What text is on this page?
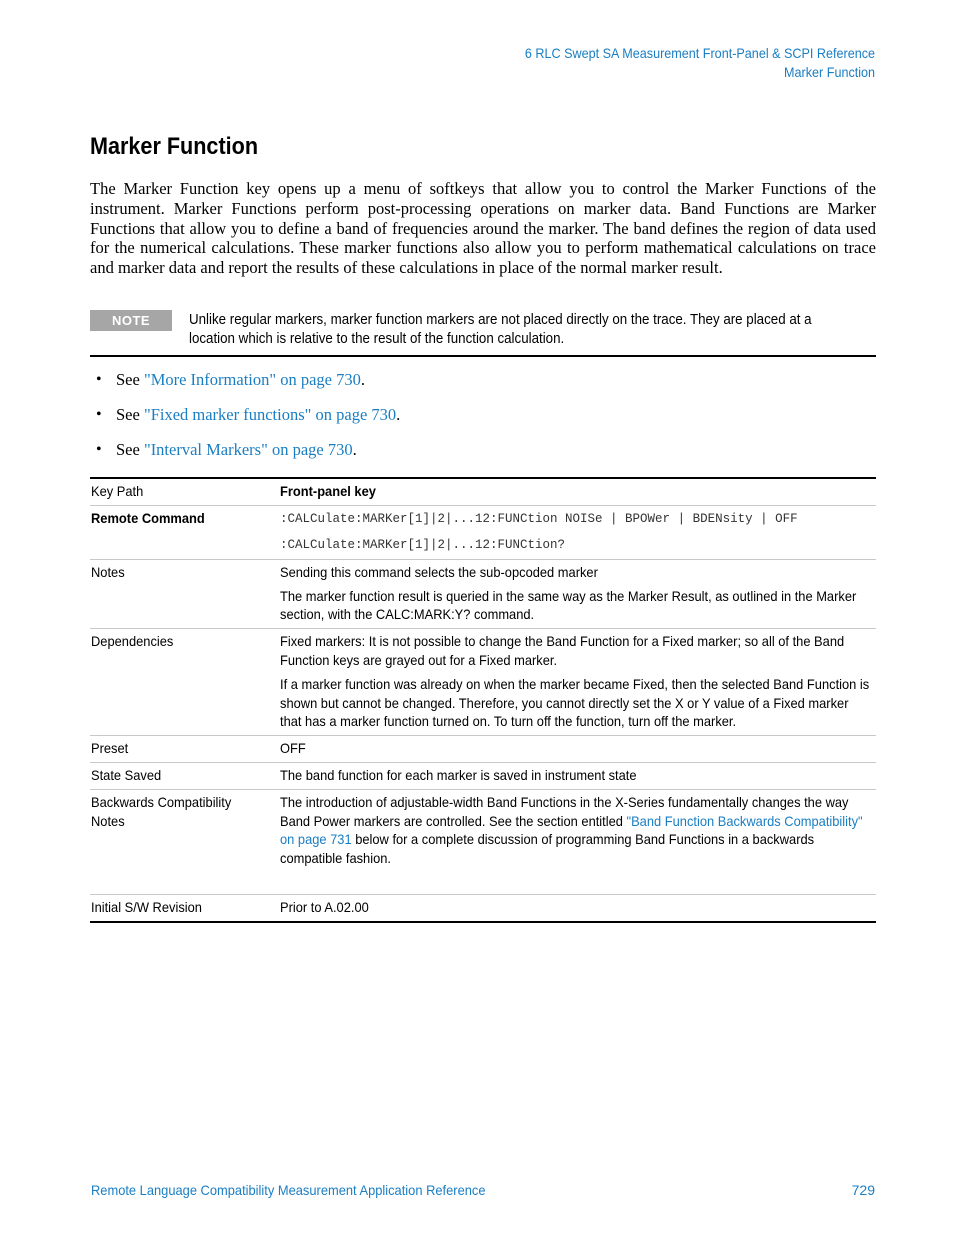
6 RLC Swept SA Measurement Front-Panel & SCPI Reference
Marker Function
Marker Function

The Marker Function key opens up a menu of softkeys that allow you to control the Marker Functions of the instrument. Marker Functions perform post-processing operations on marker data. Band Functions are Marker Functions that allow you to define a band of frequencies around the marker. The band defines the region of data used for the numerical calculations. These marker functions also allow you to perform mathematical calculations on trace and marker data and report the results of these calculations in place of the normal marker result.

NOTE	Unlike regular markers, marker function markers are not placed directly on the trace. They are placed at a location which is relative to the result of the function calculation.
• See "More Information" on page 730.
• See "Fixed marker functions" on page 730.
• See "Interval Markers" on page 730.
Key Path	Front-panel key
Remote Command	:CALCulate:MARKer[1]|2|...12:FUNCtion NOISe | BPOWer | BDENsity | OFF
:CALCulate:MARKer[1]|2|...12:FUNCtion?

Notes	Sending this command selects the sub-opcoded marker
The marker function result is queried in the same way as the Marker Result, as outlined in the Marker section, with the CALC:MARK:Y? command.

Dependencies	Fixed markers: It is not possible to change the Band Function for a Fixed marker; so all of the Band Function keys are grayed out for a Fixed marker.
If a marker function was already on when the marker became Fixed, then the selected Band Function is shown but cannot be changed. Therefore, you cannot directly set the X or Y value of a Fixed marker that has a marker function turned on. To turn off the function, turn off the marker.

Preset	OFF
State Saved	The band function for each marker is saved in instrument state
Backwards Compatibility Notes	The introduction of adjustable-width Band Functions in the X-Series fundamentally changes the way Band Power markers are controlled. See the section entitled "Band Function Backwards Compatibility" on page 731 below for a complete discussion of programming Band Functions in a backwards compatible fashion.
Initial S/W Revision	Prior to A.02.00
Remote Language Compatibility Measurement Application Reference	729
